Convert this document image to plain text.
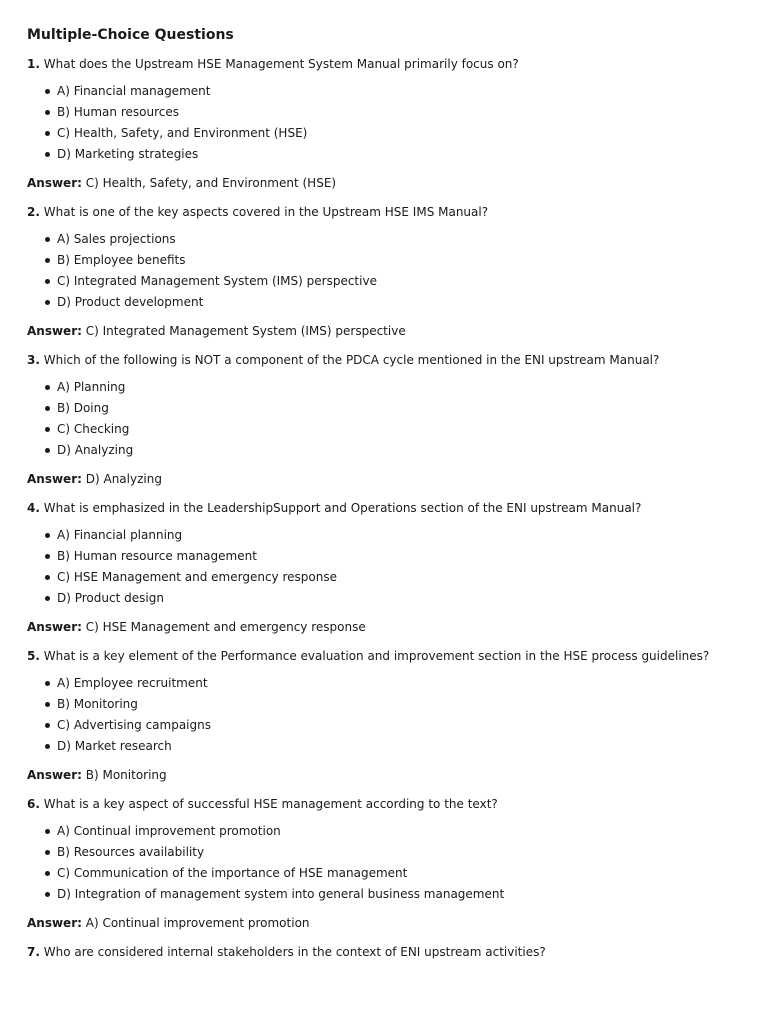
Multiple-Choice Questions

1. What does the Upstream HSE Management System Manual primarily focus on?

A) Financial management
B) Human resources
C) Health, Safety, and Environment (HSE)
D) Marketing strategies

Answer: C) Health, Safety, and Environment (HSE)

2. What is one of the key aspects covered in the Upstream HSE IMS Manual?

A) Sales projections
B) Employee benefits
C) Integrated Management System (IMS) perspective
D) Product development

Answer: C) Integrated Management System (IMS) perspective

3. Which of the following is NOT a component of the PDCA cycle mentioned in the ENI upstream Manual?

A) Planning
B) Doing
C) Checking
D) Analyzing

Answer: D) Analyzing

4. What is emphasized in the LeadershipSupport and Operations section of the ENI upstream Manual?

A) Financial planning
B) Human resource management
C) HSE Management and emergency response
D) Product design

Answer: C) HSE Management and emergency response

5. What is a key element of the Performance evaluation and improvement section in the HSE process guidelines?

A) Employee recruitment
B) Monitoring
C) Advertising campaigns
D) Market research

Answer: B) Monitoring

6. What is a key aspect of successful HSE management according to the text?

A) Continual improvement promotion
B) Resources availability
C) Communication of the importance of HSE management
D) Integration of management system into general business management

Answer: A) Continual improvement promotion

7. Who are considered internal stakeholders in the context of ENI upstream activities?
